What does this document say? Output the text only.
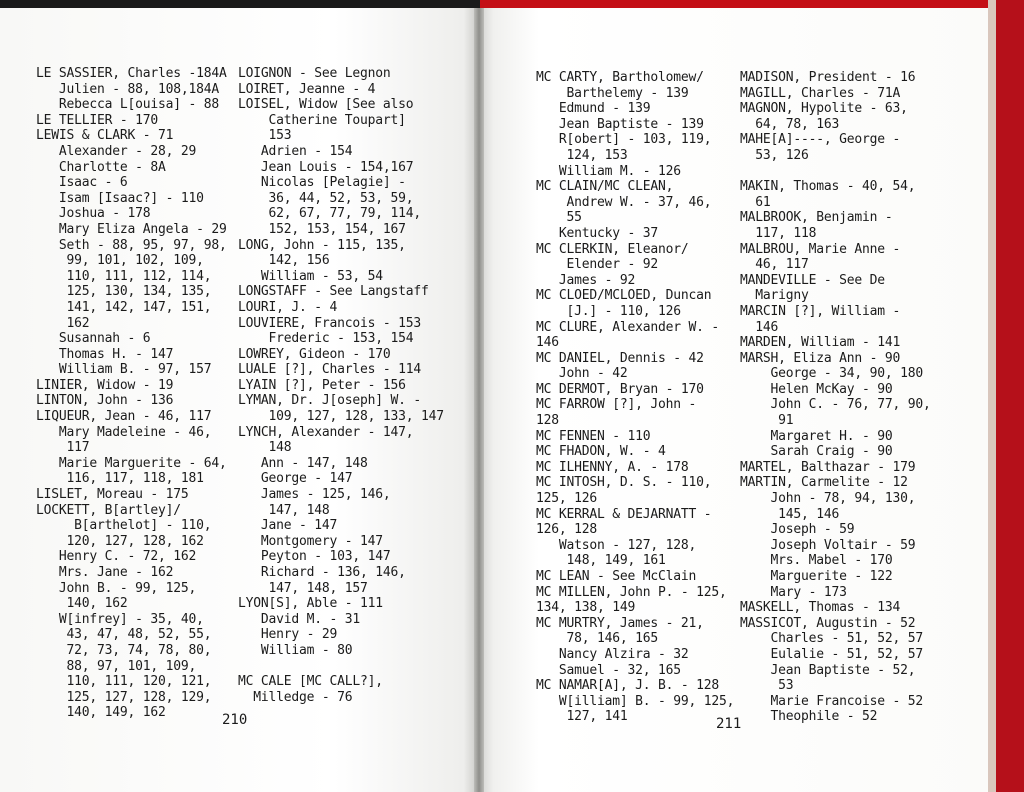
LE SASSIER, Charles -184A
Julien - 88, 108,184A
Rebecca L[ouisa] - 88
LE TELLIER - 170
LEWIS & CLARK - 71
Alexander - 28, 29
Charlotte - 8A
Isaac - 6
Isam [Isaac?] - 110
Joshua - 178
Mary Eliza Angela - 29
Seth - 88, 95, 97, 98,
99, 101, 102, 109,
110, 111, 112, 114,
125, 130, 134, 135,
141, 142, 147, 151,
162
Susannah - 6
Thomas H. - 147
William B. - 97, 157
LINIER, Widow - 19
LINTON, John - 136
LIQUEUR, Jean - 46, 117
Mary Madeleine - 46,
117
Marie Marguerite - 64,
116, 117, 118, 181
LISLET, Moreau - 175
LOCKETT, B[artley]/
B[arthelot] - 110,
120, 127, 128, 162
Henry C. - 72, 162
Mrs. Jane - 162
John B. - 99, 125,
140, 162
W[infrey] - 35, 40,
43, 47, 48, 52, 55,
72, 73, 74, 78, 80,
88, 97, 101, 109,
110, 111, 120, 121,
125, 127, 128, 129,
140, 149, 162
LOIGNON - See Legnon
LOIRET, Jeanne - 4
LOISEL, Widow [See also
Catherine Toupart]
153
Adrien - 154
Jean Louis - 154,167
Nicolas [Pelagie] -
36, 44, 52, 53, 59,
62, 67, 77, 79, 114,
152, 153, 154, 167
LONG, John - 115, 135,
142, 156
William - 53, 54
LONGSTAFF - See Langstaff
LOURI, J. - 4
LOUVIERE, Francois - 153
Frederic - 153, 154
LOWREY, Gideon - 170
LUALE [?], Charles - 114
LYAIN [?], Peter - 156
LYMAN, Dr. J[oseph] W. -
109, 127, 128, 133, 147
LYNCH, Alexander - 147,
148
Ann - 147, 148
George - 147
James - 125, 146,
147, 148
Jane - 147
Montgomery - 147
Peyton - 103, 147
Richard - 136, 146,
147, 148, 157
LYON[S], Able - 111
David M. - 31
Henry - 29
William - 80
MC CALE [MC CALL?],
Milledge - 76
MC CARTY, Bartholomew/
Barthelemy - 139
Edmund - 139
Jean Baptiste - 139
R[obert] - 103, 119,
124, 153
William M. - 126
MC CLAIN/MC CLEAN,
Andrew W. - 37, 46,
55
Kentucky - 37
MC CLERKIN, Eleanor/
Elender - 92
James - 92
MC CLOED/MCLOED, Duncan
[J.] - 110, 126
MC CLURE, Alexander W. -
146
MC DANIEL, Dennis - 42
John - 42
MC DERMOT, Bryan - 170
MC FARROW [?], John -
128
MC FENNEN - 110
MC FHADON, W. - 4
MC ILHENNY, A. - 178
MC INTOSH, D. S. - 110,
125, 126
MC KERRAL & DEJARNATT -
126, 128
Watson - 127, 128,
148, 149, 161
MC LEAN - See McClain
MC MILLEN, John P. - 125,
134, 138, 149
MC MURTRY, James - 21,
78, 146, 165
Nancy Alzira - 32
Samuel - 32, 165
MC NAMAR[A], J. B. - 128
W[illiam] B. - 99, 125,
127, 141
MADISON, President - 16
MAGILL, Charles - 71A
MAGNON, Hypolite - 63,
64, 78, 163
MAHE[A]----, George -
53, 126
MAKIN, Thomas - 40, 54,
61
MALBROOK, Benjamin -
117, 118
MALBROU, Marie Anne -
46, 117
MANDEVILLE - See De
Marigny
MARCIN [?], William -
146
MARDEN, William - 141
MARSH, Eliza Ann - 90
George - 34, 90, 180
Helen McKay - 90
John C. - 76, 77, 90,
91
Margaret H. - 90
Sarah Craig - 90
MARTEL, Balthazar - 179
MARTIN, Carmelite - 12
John - 78, 94, 130,
145, 146
Joseph - 59
Joseph Voltair - 59
Mrs. Mabel - 170
Marguerite - 122
Mary - 173
MASKELL, Thomas - 134
MASSICOT, Augustin - 52
Charles - 51, 52, 57
Eulalie - 51, 52, 57
Jean Baptiste - 52,
53
Marie Francoise - 52
Theophile - 52
210	211
